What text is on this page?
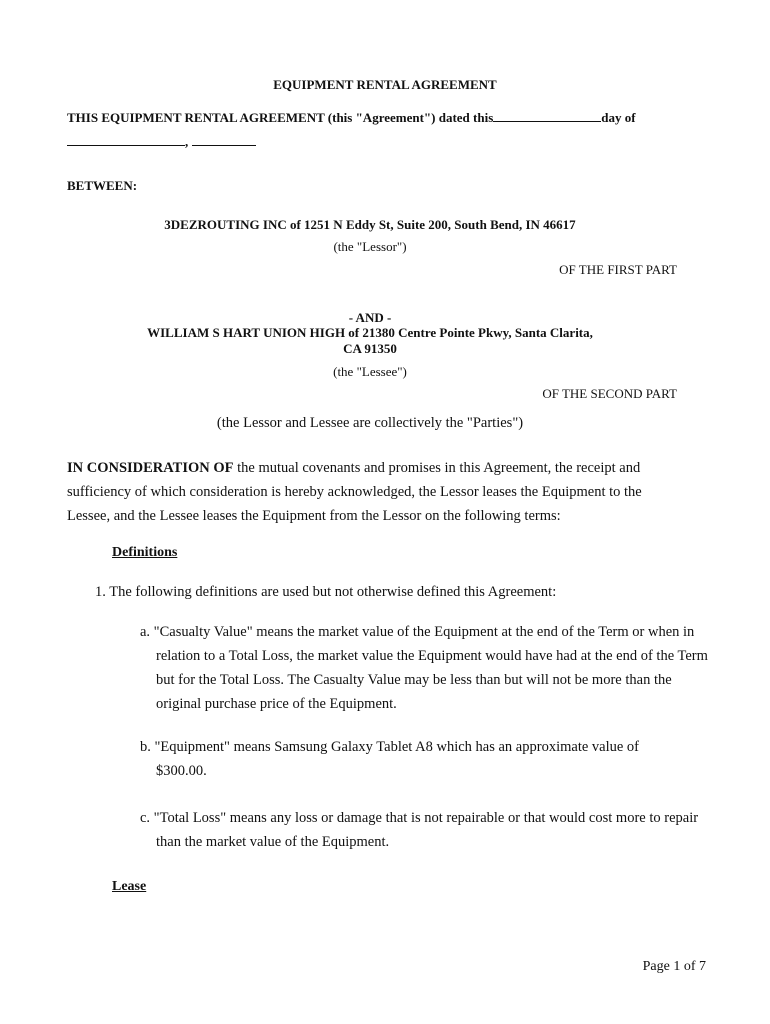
EQUIPMENT RENTAL AGREEMENT
THIS EQUIPMENT RENTAL AGREEMENT (this "Agreement") dated this	day of
,
BETWEEN:
3DEZROUTING INC of 1251 N Eddy St, Suite 200, South Bend, IN 46617
(the "Lessor")
OF THE FIRST PART
- AND -
WILLIAM S HART UNION HIGH of 21380 Centre Pointe Pkwy, Santa Clarita,
CA 91350
(the "Lessee")
OF THE SECOND PART
(the Lessor and Lessee are collectively the "Parties")
IN CONSIDERATION OF the mutual covenants and promises in this Agreement, the receipt and sufficiency of which consideration is hereby acknowledged, the Lessor leases the Equipment to the Lessee, and the Lessee leases the Equipment from the Lessor on the following terms:
Definitions
1. The following definitions are used but not otherwise defined this Agreement:
a. "Casualty Value" means the market value of the Equipment at the end of the Term or when in relation to a Total Loss, the market value the Equipment would have had at the end of the Term but for the Total Loss. The Casualty Value may be less than but will not be more than the original purchase price of the Equipment.
b. "Equipment" means Samsung Galaxy Tablet A8 which has an approximate value of $300.00.
c. "Total Loss" means any loss or damage that is not repairable or that would cost more to repair than the market value of the Equipment.
Lease
Page 1 of 7
